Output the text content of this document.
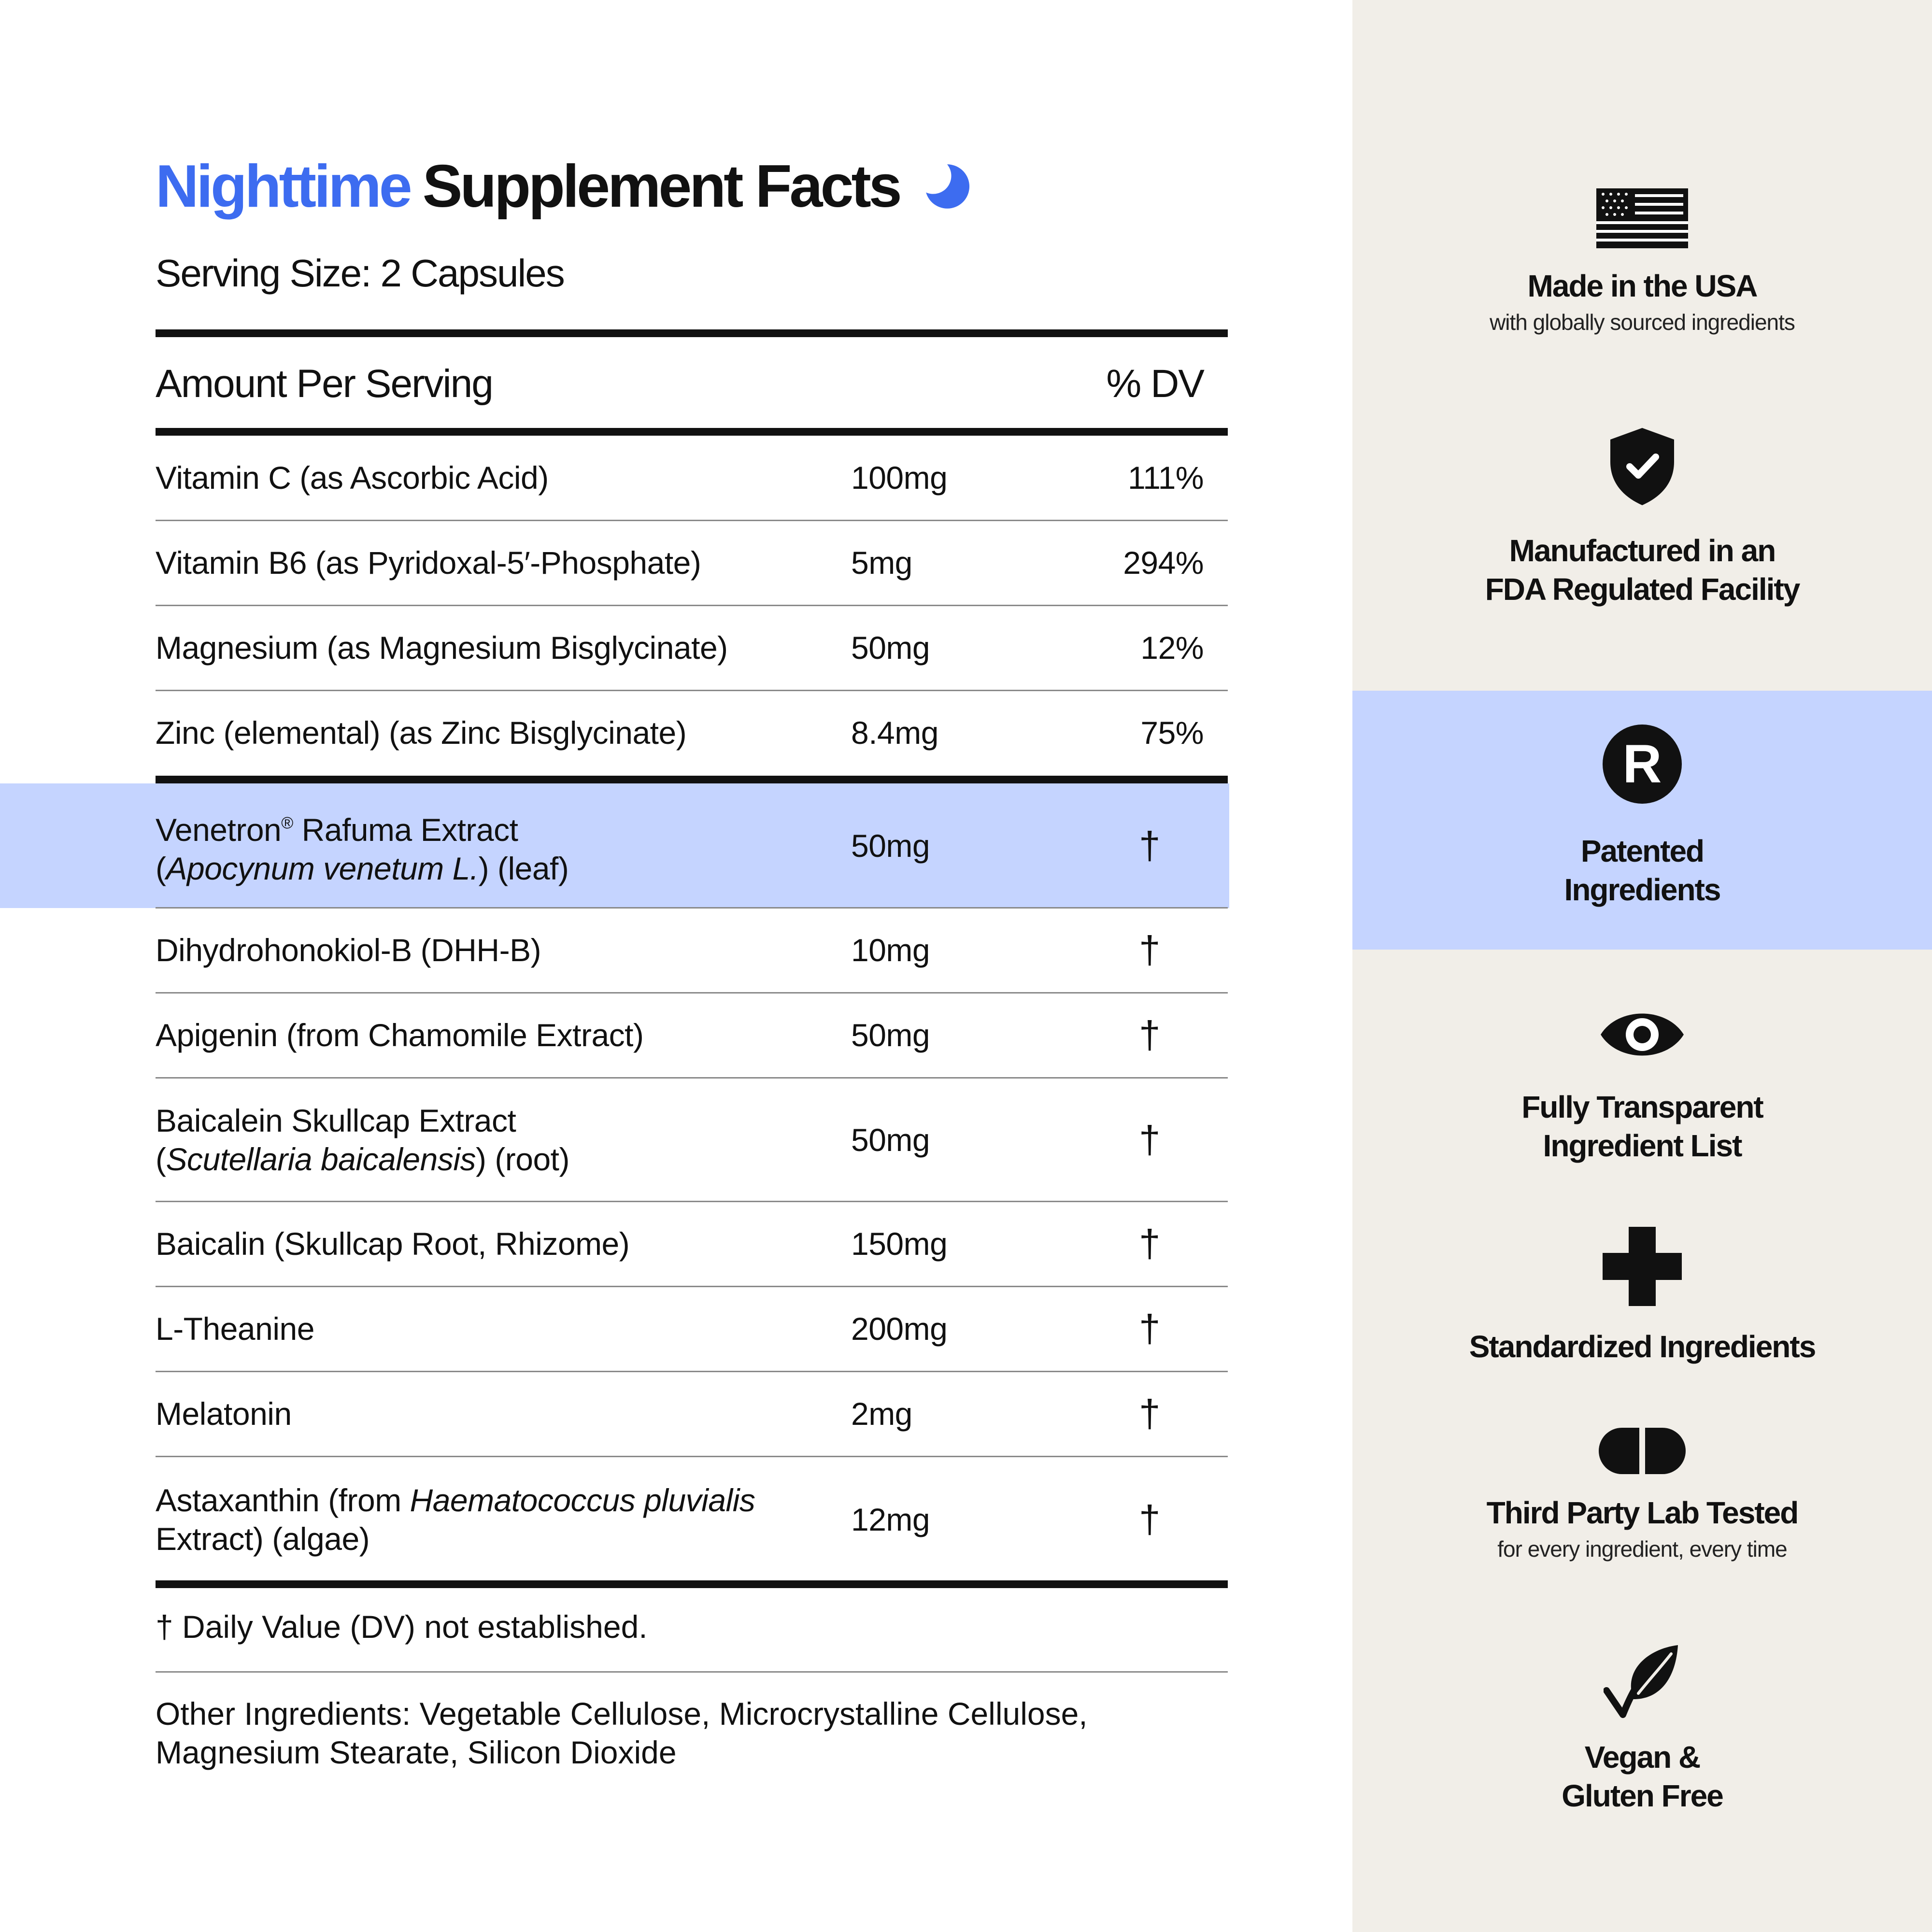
Nighttime Supplement Facts
Serving Size: 2 Capsules
Amount Per Serving	% DV
Vitamin C (as Ascorbic Acid)	100mg	111%
Vitamin B6 (as Pyridoxal-5′-Phosphate)	5mg	294%
Magnesium (as Magnesium Bisglycinate)	50mg	12%
Zinc (elemental) (as Zinc Bisglycinate)	8.4mg	75%
Venetron® Rafuma Extract
(Apocynum venetum L.) (leaf)
50mg	†
Dihydrohonokiol-B (DHH-B)	10mg	†
Apigenin (from Chamomile Extract)	50mg	†
Baicalein Skullcap Extract
(Scutellaria baicalensis) (root)
50mg	†
Baicalin (Skullcap Root, Rhizome)	150mg	†
L-Theanine	200mg	†
Melatonin	2mg	†
Astaxanthin (from Haematococcus pluvialis Extract) (algae)
12mg	†
† Daily Value (DV) not established.
Other Ingredients: Vegetable Cellulose, Microcrystalline Cellulose, Magnesium Stearate, Silicon Dioxide
Made in the USA
with globally sourced ingredients
Manufactured in an
FDA Regulated Facility
R
Patented
Ingredients
Fully Transparent
Ingredient List
Standardized Ingredients
Third Party Lab Tested
for every ingredient, every time
Vegan &
Gluten Free
